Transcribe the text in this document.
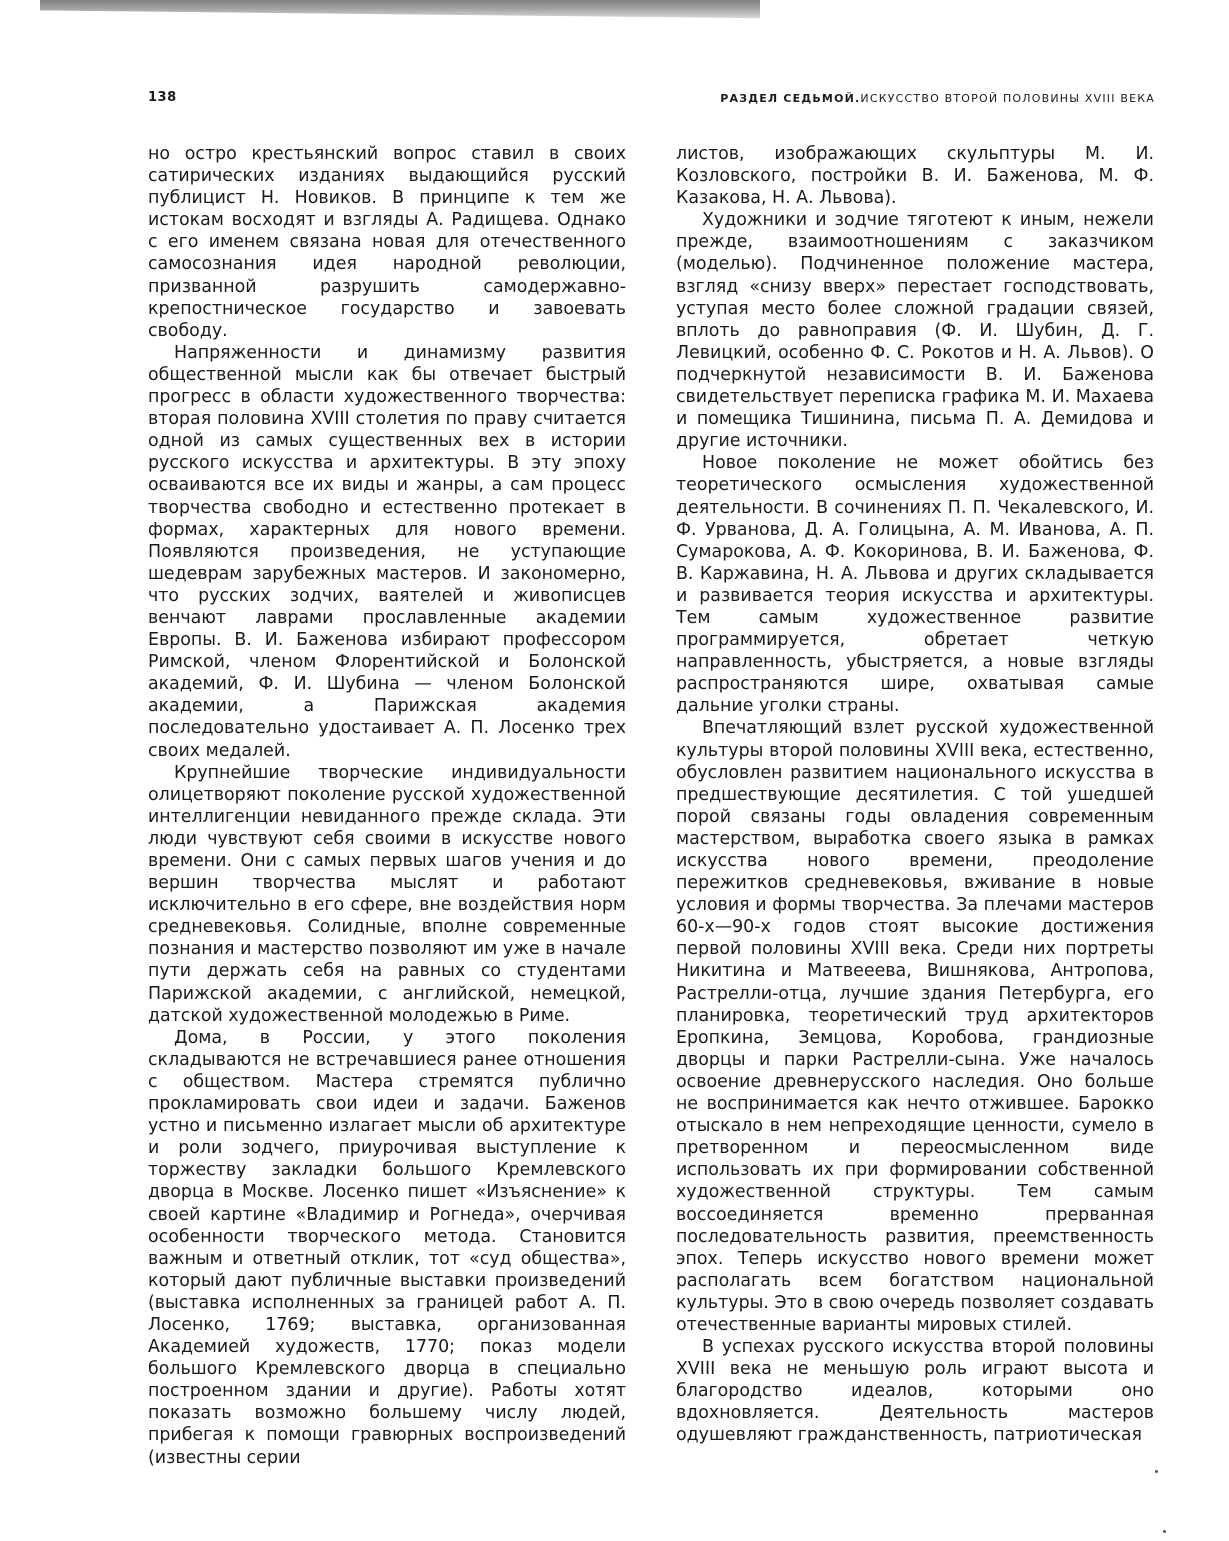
138	РАЗДЕЛ СЕДЬМОЙ.ИСКУССТВО ВТОРОЙ ПОЛОВИНЫ XVIII ВЕКА

но остро крестьянский вопрос ставил в своих сатирических изданиях выдающийся русский публицист Н. Новиков. В принципе к тем же истокам восходят и взгляды А. Радищева. Однако с его именем связана новая для отечественного самосознания идея народной революции, призванной разрушить самодержавно-крепостническое государство и завоевать свободу.

Напряженности и динамизму развития общественной мысли как бы отвечает быстрый прогресс в области художественного творчества: вторая половина XVIII столетия по праву считается одной из самых существенных вех в истории русского искусства и архитектуры. В эту эпоху осваиваются все их виды и жанры, а сам процесс творчества свободно и естественно протекает в формах, характерных для нового времени. Появляются произведения, не уступающие шедеврам зарубежных мастеров. И закономерно, что русских зодчих, ваятелей и живописцев венчают лаврами прославленные академии Европы. В. И. Баженова избирают профессором Римской, членом Флорентийской и Болонской академий, Ф. И. Шубина — членом Болонской академии, а Парижская академия последовательно удостаивает А. П. Лосенко трех своих медалей.

Крупнейшие творческие индивидуальности олицетворяют поколение русской художественной интеллигенции невиданного прежде склада. Эти люди чувствуют себя своими в искусстве нового времени. Они с самых первых шагов учения и до вершин творчества мыслят и работают исключительно в его сфере, вне воздействия норм средневековья. Солидные, вполне современные познания и мастерство позволяют им уже в начале пути держать себя на равных со студентами Парижской академии, с английской, немецкой, датской художественной молодежью в Риме.

Дома, в России, у этого поколения складываются не встречавшиеся ранее отношения с обществом. Мастера стремятся публично прокламировать свои идеи и задачи. Баженов устно и письменно излагает мысли об архитектуре и роли зодчего, приурочивая выступление к торжеству закладки большого Кремлевского дворца в Москве. Лосенко пишет «Изъяснение» к своей картине «Владимир и Рогнеда», очерчивая особенности творческого метода. Становится важным и ответный отклик, тот «суд общества», который дают публичные выставки произведений (выставка исполненных за границей работ А. П. Лосенко, 1769; выставка, организованная Академией художеств, 1770; показ модели большого Кремлевского дворца в специально построенном здании и другие). Работы хотят показать возможно большему числу людей, прибегая к помощи гравюрных воспроизведений (известны серии

листов, изображающих скульптуры М. И. Козловского, постройки В. И. Баженова, М. Ф. Казакова, Н. А. Львова).

Художники и зодчие тяготеют к иным, нежели прежде, взаимоотношениям с заказчиком (моделью). Подчиненное положение мастера, взгляд «снизу вверх» перестает господствовать, уступая место более сложной градации связей, вплоть до равноправия (Ф. И. Шубин, Д. Г. Левицкий, особенно Ф. С. Рокотов и Н. А. Львов). О подчеркнутой независимости В. И. Баженова свидетельствует переписка графика М. И. Махаева и помещика Тишинина, письма П. А. Демидова и другие источники.

Новое поколение не может обойтись без теоретического осмысления художественной деятельности. В сочинениях П. П. Чекалевского, И. Ф. Урванова, Д. А. Голицына, А. М. Иванова, А. П. Сумарокова, А. Ф. Кокоринова, В. И. Баженова, Ф. В. Каржавина, Н. А. Львова и других складывается и развивается теория искусства и архитектуры. Тем самым художественное развитие программируется, обретает четкую направленность, убыстряется, а новые взгляды распространяются шире, охватывая самые дальние уголки страны.

Впечатляющий взлет русской художественной культуры второй половины XVIII века, естественно, обусловлен развитием национального искусства в предшествующие десятилетия. С той ушедшей порой связаны годы овладения современным мастерством, выработка своего языка в рамках искусства нового времени, преодоление пережитков средневековья, вживание в новые условия и формы творчества. За плечами мастеров 60-х—90-х годов стоят высокие достижения первой половины XVIII века. Среди них портреты Никитина и Матвееева, Вишнякова, Антропова, Растрелли-отца, лучшие здания Петербурга, его планировка, теоретический труд архитекторов Еропкина, Земцова, Коробова, грандиозные дворцы и парки Растрелли-сына. Уже началось освоение древнерусского наследия. Оно больше не воспринимается как нечто отжившее. Барокко отыскало в нем непреходящие ценности, сумело в претворенном и переосмысленном виде использовать их при формировании собственной художественной структуры. Тем самым воссоединяется временно прерванная последовательность развития, преемственность эпох. Теперь искусство нового времени может располагать всем богатством национальной культуры. Это в свою очередь позволяет создавать отечественные варианты мировых стилей.

В успехах русского искусства второй половины XVIII века не меньшую роль играют высота и благородство идеалов, которыми оно вдохновляется. Деятельность мастеров одушевляют гражданственность, патриотическая
